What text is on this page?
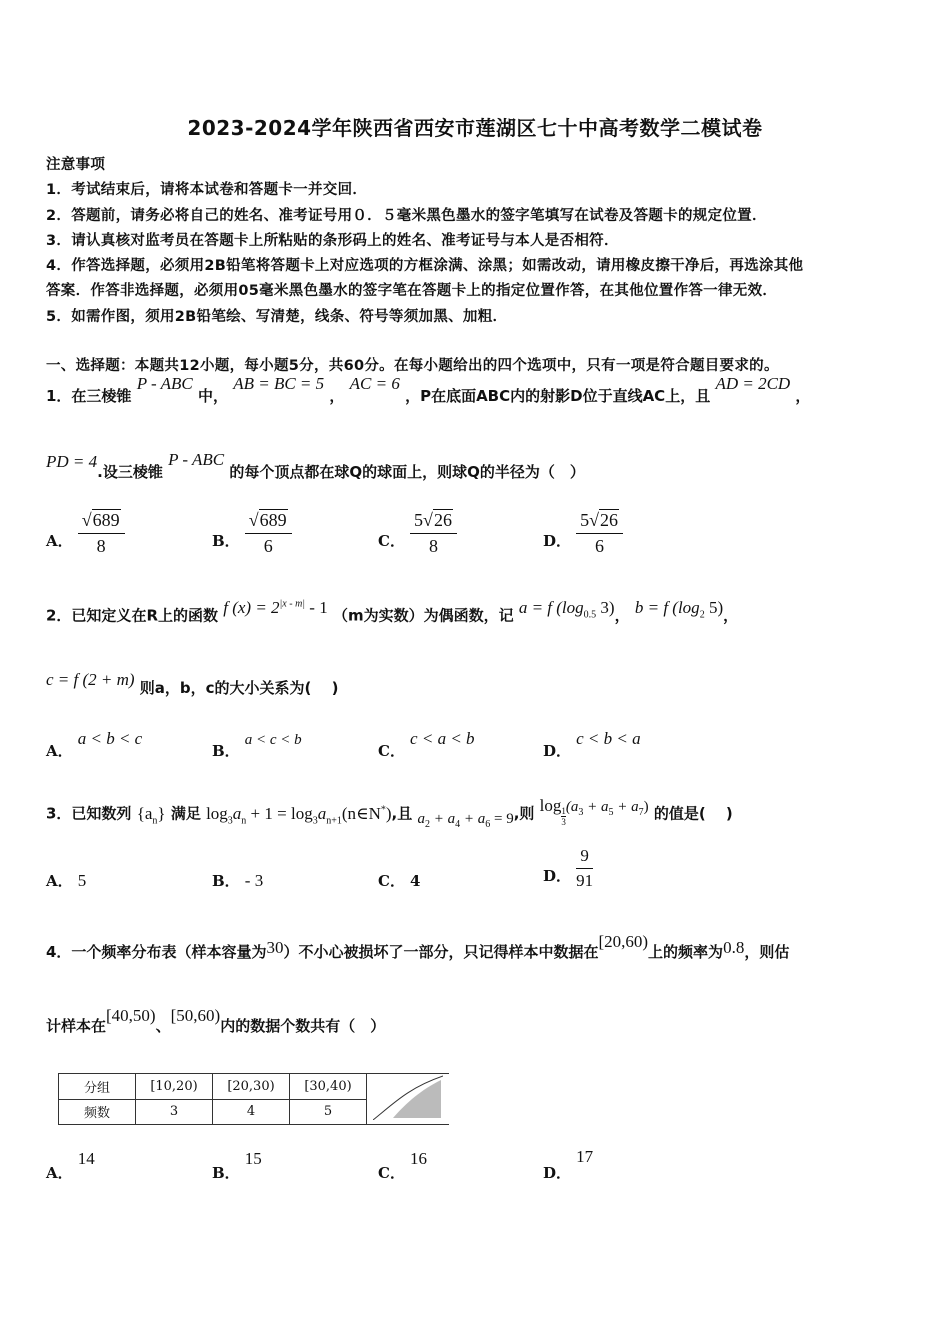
2023-2024学年陕西省西安市莲湖区七十中高考数学二模试卷
注意事项
1．考试结束后，请将本试卷和答题卡一并交回．
2．答题前，请务必将自己的姓名、准考证号用０．５毫米黑色墨水的签字笔填写在试卷及答题卡的规定位置．
3．请认真核对监考员在答题卡上所粘贴的条形码上的姓名、准考证号与本人是否相符．
4．作答选择题，必须用2B铅笔将答题卡上对应选项的方框涂满、涂黑；如需改动，请用橡皮擦干净后，再选涂其他
答案．作答非选择题，必须用05毫米黑色墨水的签字笔在答题卡上的指定位置作答，在其他位置作答一律无效．
5．如需作图，须用2B铅笔绘、写清楚，线条、符号等须加黑、加粗．
一、选择题：本题共12小题，每小题5分，共60分。在每小题给出的四个选项中，只有一项是符合题目要求的。
1．在三棱锥 P - ABC 中， AB = BC = 5 ， AC = 6 ，P在底面ABC内的射影D位于直线AC上，且 AD = 2CD ，
PD = 4.设三棱锥 P - ABC 的每个顶点都在球Q的球面上，则球Q的半径为（　）
A． $\frac{√689}{8}$	B． $\frac{√689}{6}$	C． $\frac{5√26}{8}$	D． $\frac{5√26}{6}$
2．已知定义在R上的函数 f $(x) = 2^{|x - m|} - 1$ （m为实数）为偶函数，记 a = f ($\log_{0.5}$ 3)， b = f ($\log_2$ 5)，
c = f (2 + m) 则a，b，c的大小关系为( 　)
A． a < b < c
B． a < c < b
C． c < a < b
D． c < b < a
3．已知数列 $\{a_n\}$ 满足 $\log_3a_n + 1$ = $\log_3a_{n+1}(n\in N^*)$,且 $a_2 + a_4 + a_6 = 9$,则 log
$\frac{1}{3} (a_3 + a_5 + a_7)$ 的值是( 　)
A． 5	B． - 3	C． 4	D． $\frac{9}{91}$
4．一个频率分布表（样本容量为30）不小心被损坏了一部分，只记得样本中数据在[20,60)上的频率为0.8，则估
计样本在[40,50)、[50,60)内的数据个数共有（　）
分组	[10,20)	[20,30)	[30,40)	
频数	3	4	5	
A． 14
B． 15
C． 16
D． 17
